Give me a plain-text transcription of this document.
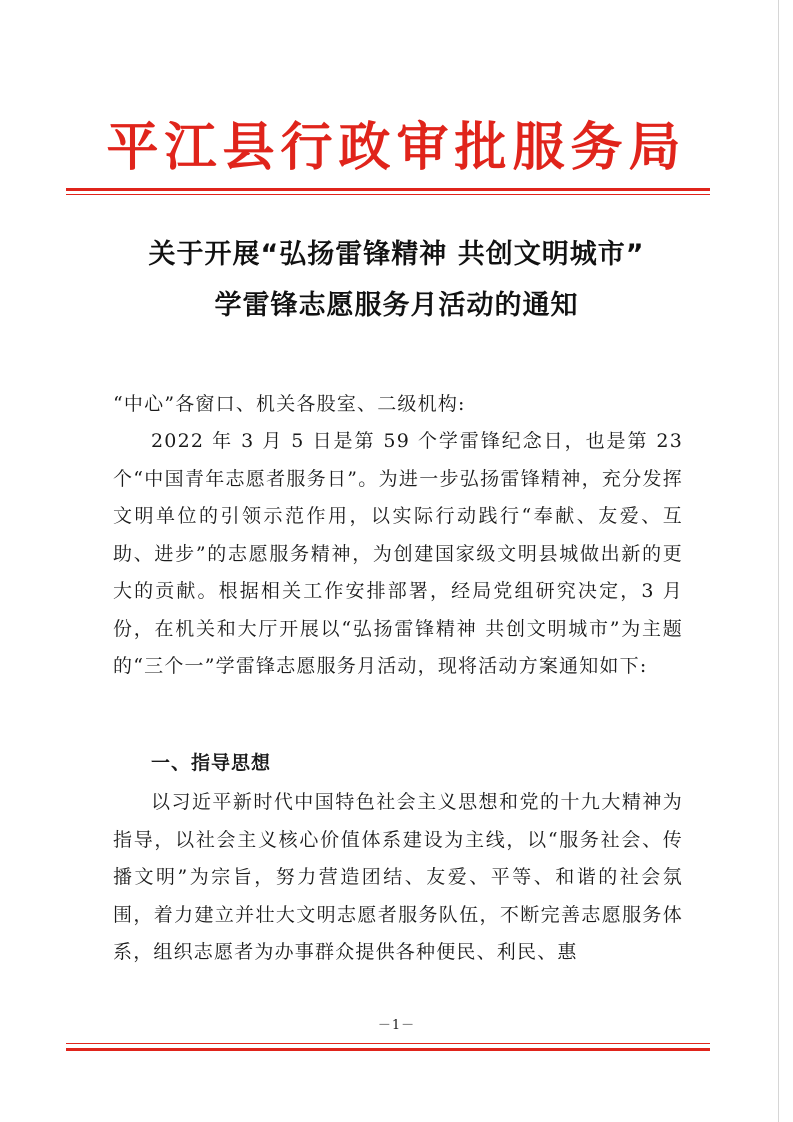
平江县行政审批服务局
关于开展“弘扬雷锋精神 共创文明城市”
学雷锋志愿服务月活动的通知

“中心”各窗口、机关各股室、二级机构:

2022 年 3 月 5 日是第 59 个学雷锋纪念日，也是第 23 个“中国青年志愿者服务日”。为进一步弘扬雷锋精神，充分发挥文明单位的引领示范作用，以实际行动践行“奉献、友爱、互助、进步”的志愿服务精神，为创建国家级文明县城做出新的更大的贡献。根据相关工作安排部署，经局党组研究决定，3 月份，在机关和大厅开展以“弘扬雷锋精神 共创文明城市”为主题的“三个一”学雷锋志愿服务月活动，现将活动方案通知如下:

一、指导思想

以习近平新时代中国特色社会主义思想和党的十九大精神为指导，以社会主义核心价值体系建设为主线，以“服务社会、传播文明”为宗旨，努力营造团结、友爱、平等、和谐的社会氛围，着力建立并壮大文明志愿者服务队伍，不断完善志愿服务体系，组织志愿者为办事群众提供各种便民、利民、惠

－1－
